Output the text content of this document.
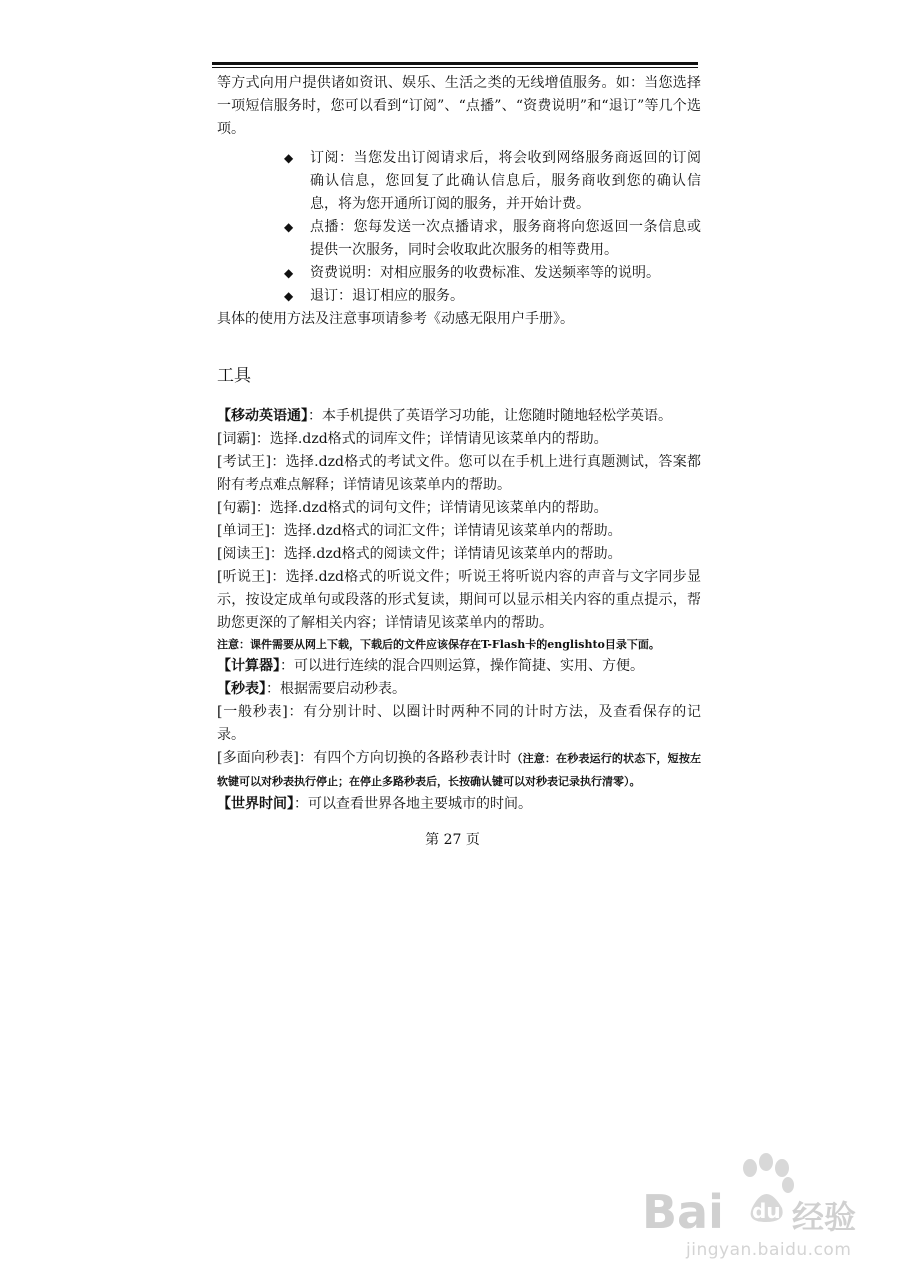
等方式向用户提供诸如资讯、娱乐、生活之类的无线增值服务。如：当您选择一项短信服务时，您可以看到“订阅”、“点播”、“资费说明”和“退订”等几个选项。

◆ 订阅：当您发出订阅请求后，将会收到网络服务商返回的订阅确认信息，您回复了此确认信息后，服务商收到您的确认信息，将为您开通所订阅的服务，并开始计费。
◆ 点播：您每发送一次点播请求，服务商将向您返回一条信息或提供一次服务，同时会收取此次服务的相等费用。
◆ 资费说明：对相应服务的收费标准、发送频率等的说明。
◆ 退订：退订相应的服务。

具体的使用方法及注意事项请参考《动感无限用户手册》。

工具

【移动英语通】：本手机提供了英语学习功能，让您随时随地轻松学英语。

[词霸]：选择.dzd格式的词库文件；详情请见该菜单内的帮助。

[考试王]：选择.dzd格式的考试文件。您可以在手机上进行真题测试，答案都附有考点难点解释；详情请见该菜单内的帮助。

[句霸]：选择.dzd格式的词句文件；详情请见该菜单内的帮助。

[单词王]：选择.dzd格式的词汇文件；详情请见该菜单内的帮助。

[阅读王]：选择.dzd格式的阅读文件；详情请见该菜单内的帮助。

[听说王]：选择.dzd格式的听说文件；听说王将听说内容的声音与文字同步显示，按设定成单句或段落的形式复读，期间可以显示相关内容的重点提示，帮助您更深的了解相关内容；详情请见该菜单内的帮助。

注意：课件需要从网上下载，下载后的文件应该保存在T-Flash卡的englishto目录下面。

【计算器】：可以进行连续的混合四则运算，操作简捷、实用、方便。

【秒表】：根据需要启动秒表。

[一般秒表]：有分别计时、以圈计时两种不同的计时方法，及查看保存的记录。

[多面向秒表]：有四个方向切换的各路秒表计时（注意：在秒表运行的状态下，短按左软键可以对秒表执行停止；在停止多路秒表后，长按确认键可以对秒表记录执行清零）。

【世界时间】：可以查看世界各地主要城市的时间。

第 27 页
Bai 经验
du
jingyan.baidu.com
